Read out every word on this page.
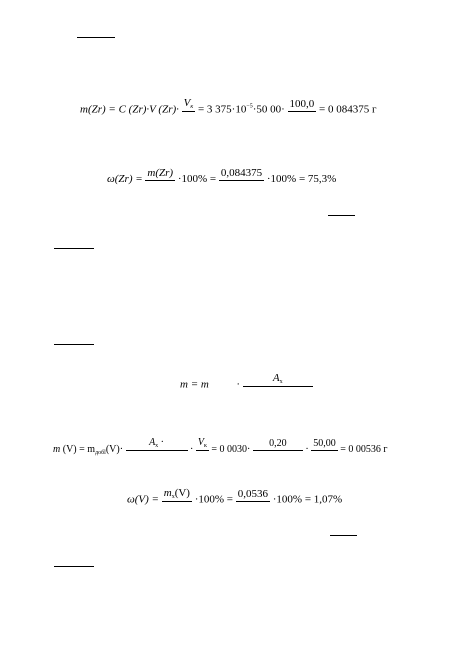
m(Zr) = C (Zr)·V (Zr)·
$V_к = 3$ $375\cdot 10^{-5}\cdot 50$ 00·
100,0
= 0 084375 г
ω(Zr) =
m(Zr)
·100% =
0,084375
·100% = 75,3%
m = m	·
$A_x$
m $(V) = m_{добl}(V)\cdot$
$A_x$ ·
·
$V_к = 0$ 0030·
0,20
·
50,00
= 0 00536 г
ω(V) =
$m_x(V)$
·100% =
0,0536
·100% = 1,07%
